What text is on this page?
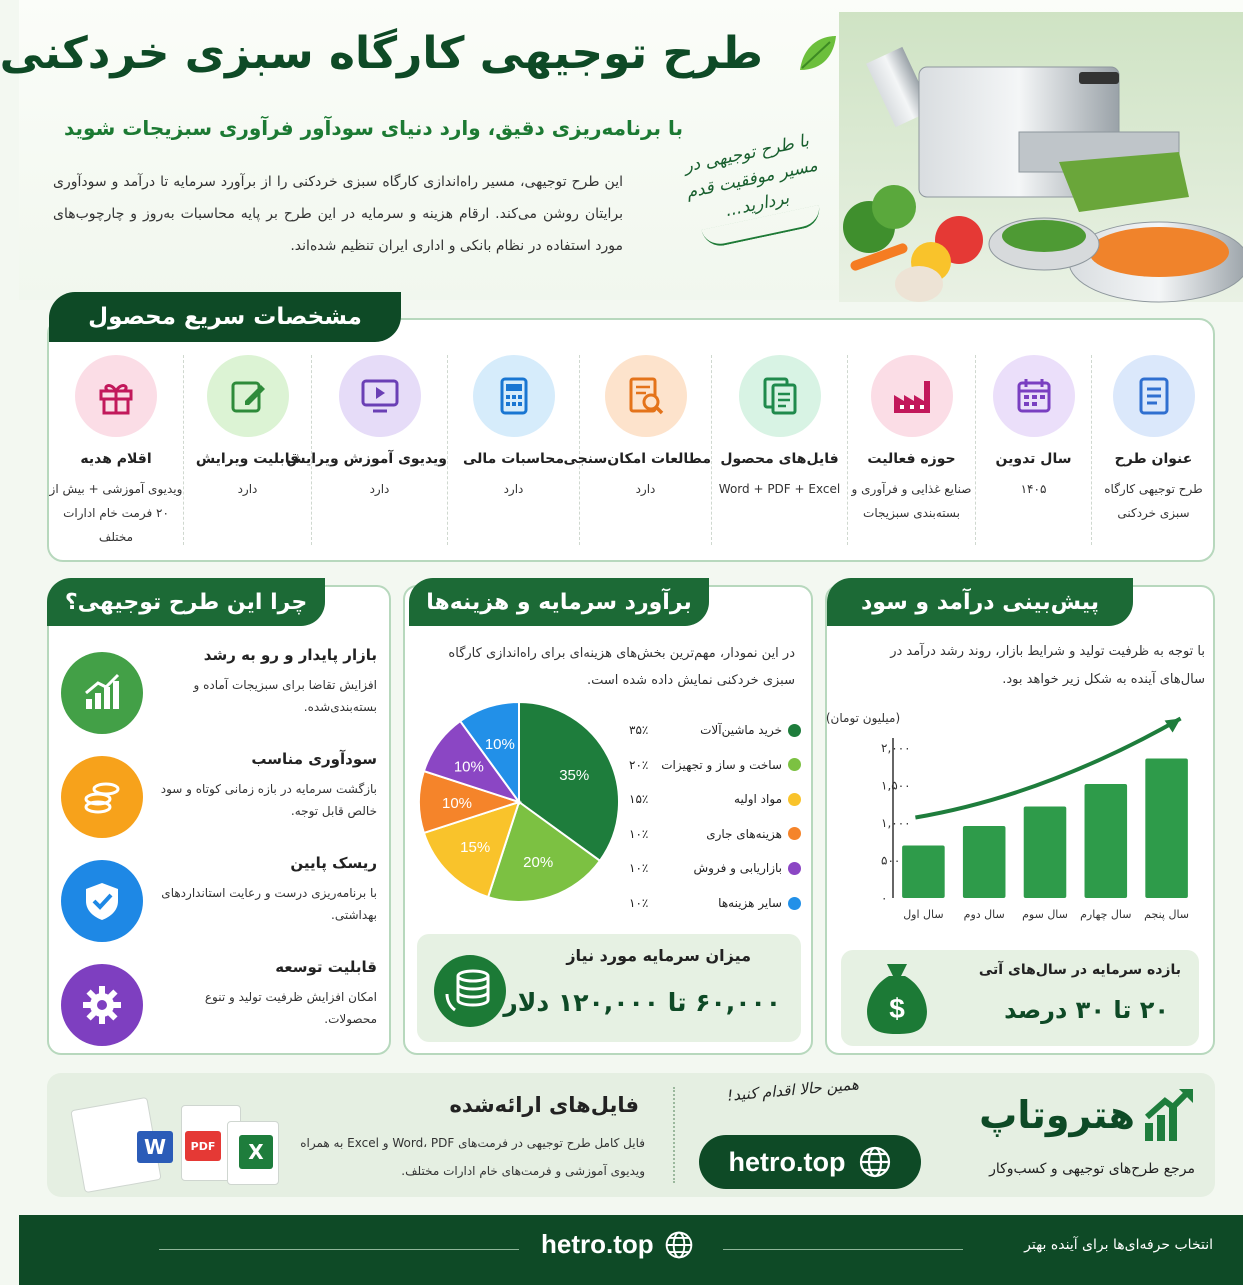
طرح توجیهی کارگاه سبزی خردکنی
با برنامه‌ریزی دقیق، وارد دنیای سودآور فرآوری سبزیجات شوید

این طرح توجیهی، مسیر راه‌اندازی کارگاه سبزی خردکنی را از برآورد سرمایه تا درآمد و سودآوری برایتان روشن می‌کند. ارقام هزینه و سرمایه در این طرح بر پایه محاسبات به‌روز و چارچوب‌های مورد استفاده در نظام بانکی و اداری ایران تنظیم شده‌اند.

با طرح توجیهی در مسیر موفقیت قدم بردارید...
مشخصات سریع محصول
عنوان طرح
طرح توجیهی کارگاه سبزی خردکنی
سال تدوین
۱۴۰۵
حوزه فعالیت
صنایع غذایی و فرآوری و بسته‌بندی سبزیجات
فایل‌های محصول
Word + PDF + Excel
مطالعات امکان‌سنجی
دارد
محاسبات مالی
دارد
ویدیوی آموزش ویرایش
دارد
قابلیت ویرایش
دارد
اقلام هدیه
ویدیوی آموزشی + بیش از ۲۰ فرمت خام ادارات مختلف
چرا این طرح توجیهی؟
بازار پایدار و رو به رشد
افزایش تقاضا برای سبزیجات آماده و بسته‌بندی‌شده.
سودآوری مناسب
بازگشت سرمایه در بازه زمانی کوتاه و سود خالص قابل توجه.
ریسک پایین
با برنامه‌ریزی درست و رعایت استانداردهای بهداشتی.
قابلیت توسعه
امکان افزایش ظرفیت تولید و تنوع محصولات.
برآورد سرمایه و هزینه‌ها

در این نمودار، مهم‌ترین بخش‌های هزینه‌ای برای راه‌اندازی کارگاه سبزی خردکنی نمایش داده شده است.

35%
20%
15%
10%
10%
10%
خرید ماشین‌آلات
۳۵٪
ساخت و ساز و تجهیزات
۲۰٪
مواد اولیه
۱۵٪
هزینه‌های جاری
۱۰٪
بازاریابی و فروش
۱۰٪
سایر هزینه‌ها
۱۰٪
میزان سرمایه مورد نیاز
۶۰,۰۰۰ تا ۱۲۰,۰۰۰ دلار
پیش‌بینی درآمد و سود

با توجه به ظرفیت تولید و شرایط بازار، روند رشد درآمد در سال‌های آینده به شکل زیر خواهد بود.

(میلیون تومان)
۰
۵۰۰
۱,۰۰۰
۱,۵۰۰
۲,۰۰۰
سال اول سال دوم سال سوم سال چهارم سال پنجم
$
بازده سرمایه در سال‌های آتی
۲۰ تا ۳۰ درصد
فایل‌های ارائه‌شده

فایل کامل طرح توجیهی در فرمت‌های Word، PDF و Excel به همراه ویدیوی آموزشی و فرمت‌های خام ادارات مختلف.

W	PDF	X
همین حالا اقدام کنید!
hetro.top
هتروتاپ
مرجع طرح‌های توجیهی و کسب‌وکار
hetro.top	انتخاب حرفه‌ای‌ها برای آینده بهتر
